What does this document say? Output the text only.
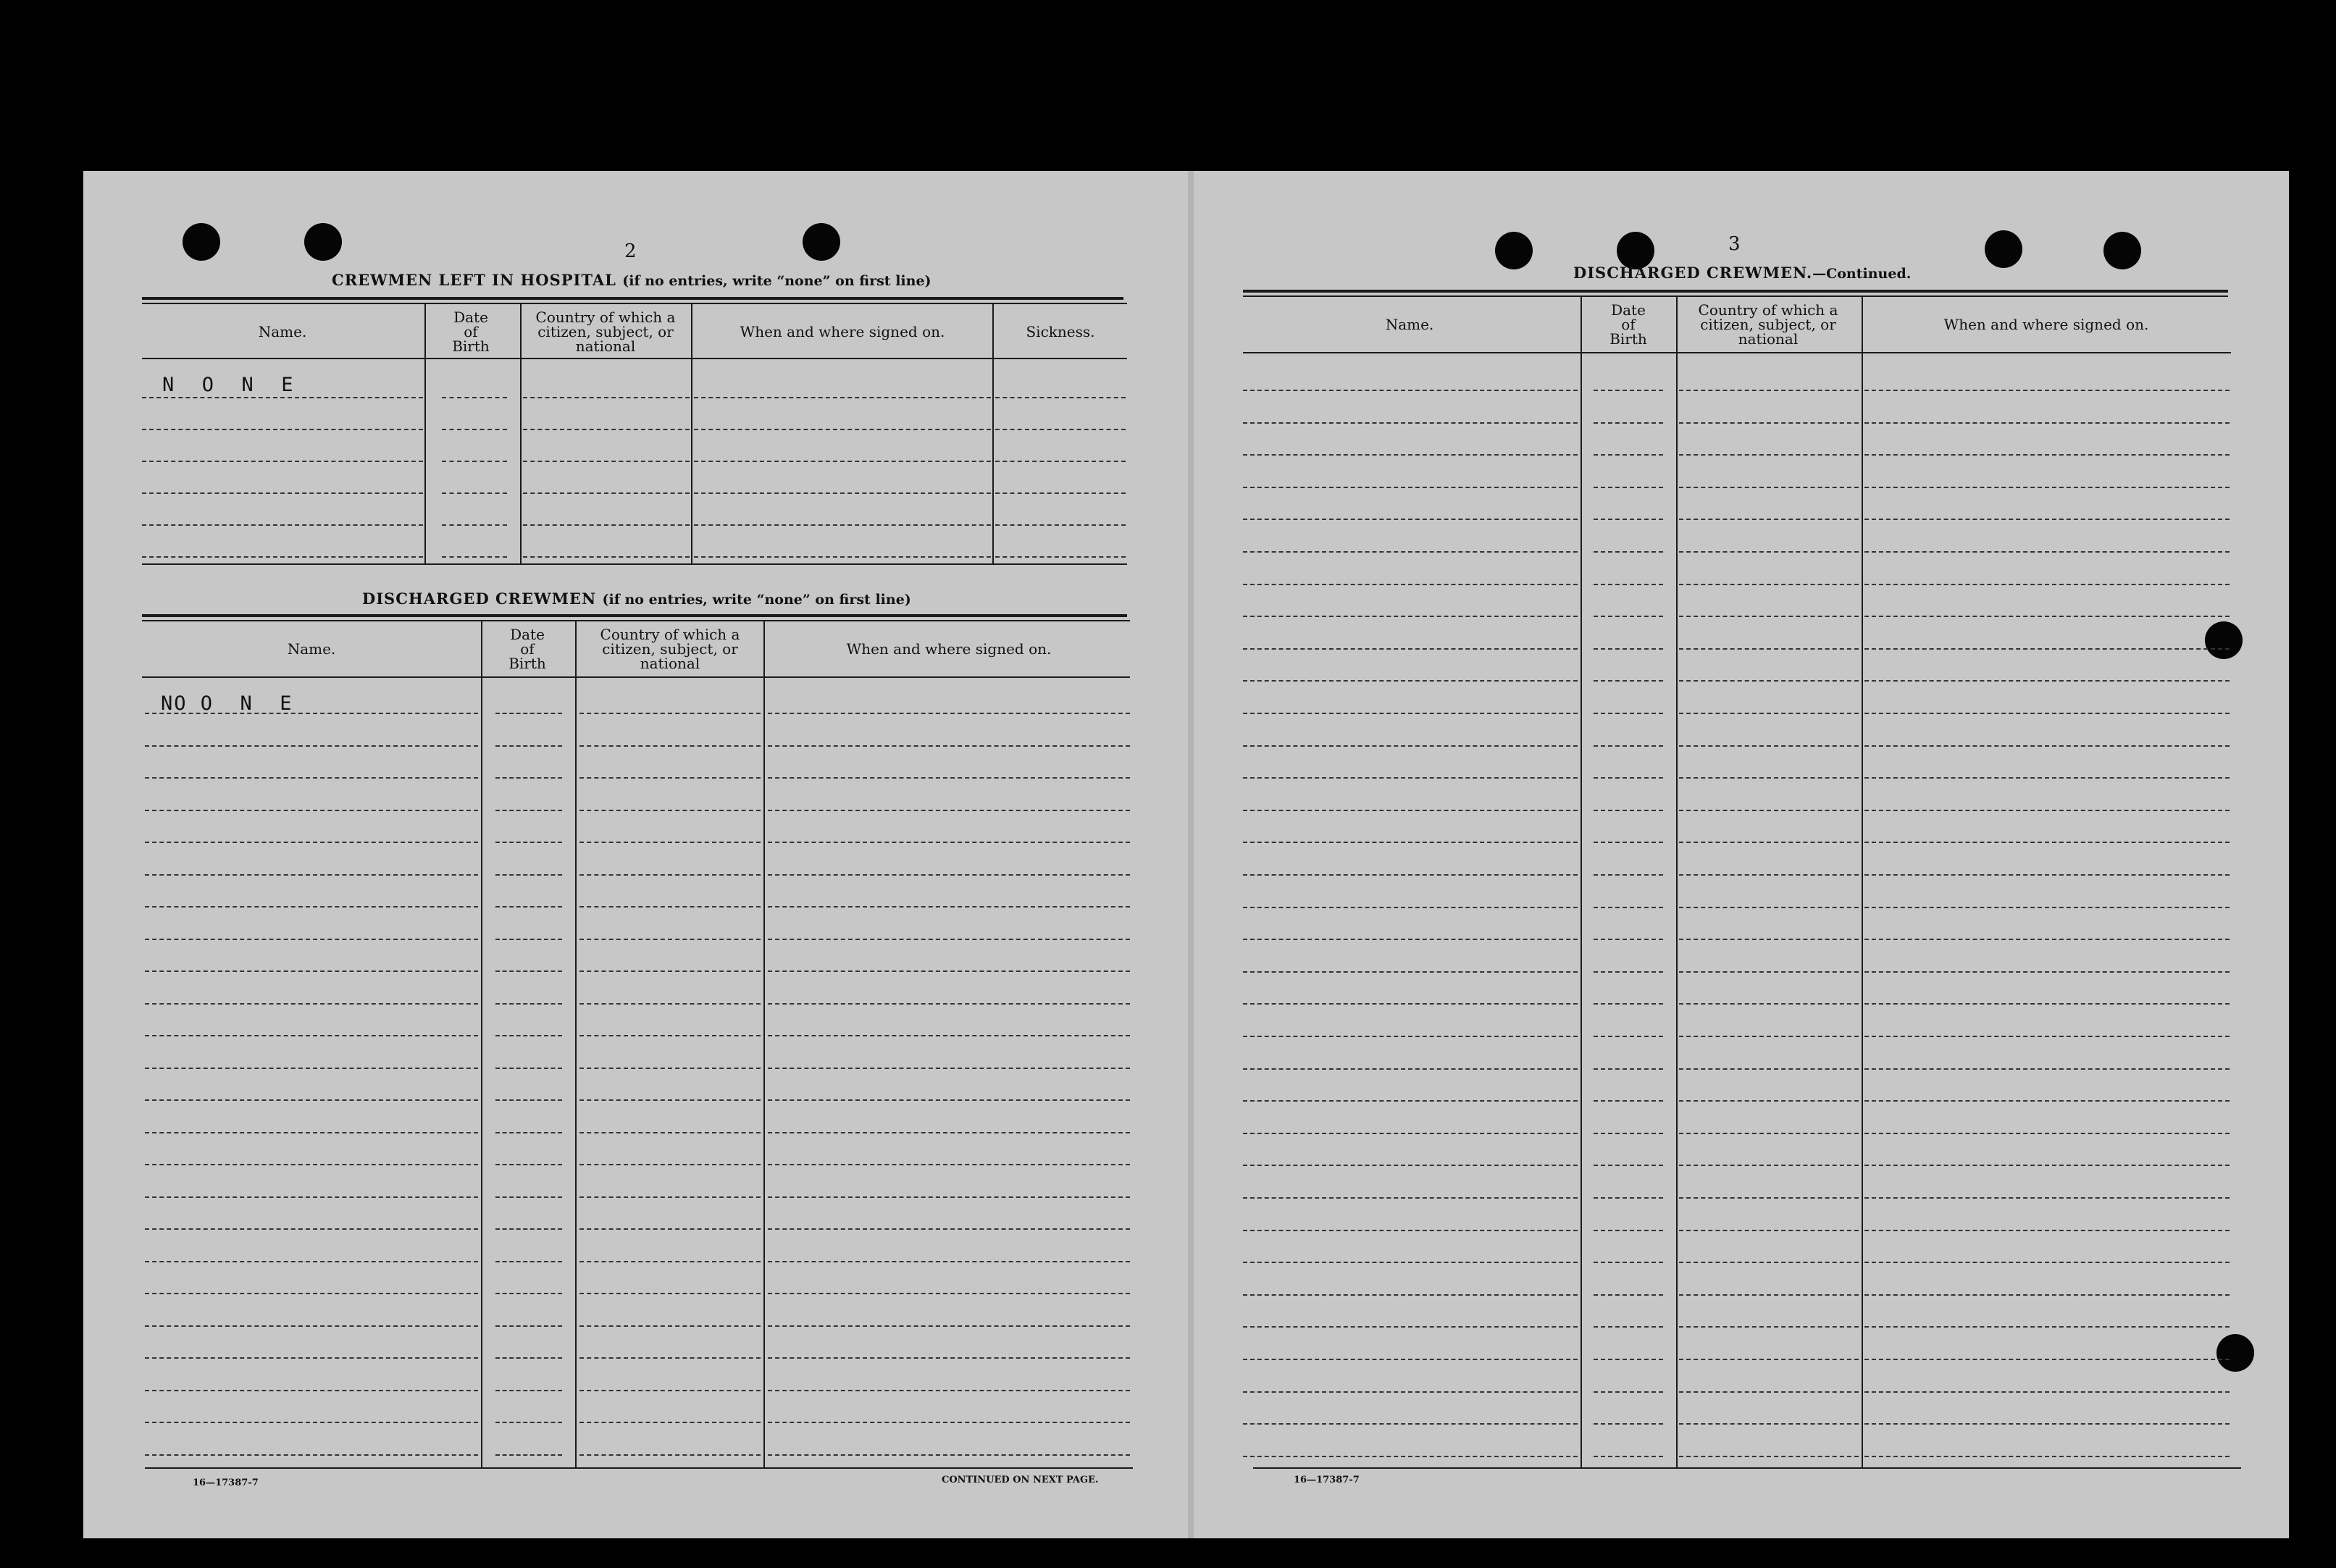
2
CREWMEN LEFT IN HOSPITAL (if no entries, write “none” on first line)
Name.
Date
of
Birth
Country of which a
citizen, subject, or
national
When and where signed on.	Sickness.
N  O  N  E
DISCHARGED CREWMEN (if no entries, write “none” on first line)
Name.
Date
of
Birth
Country of which a
citizen, subject, or
national
When and where signed on.
NO O  N  E
16—17387-7	CONTINUED ON NEXT PAGE.
3
DISCHARGED CREWMEN.—Continued.
Name.
Date
of
Birth
Country of which a
citizen, subject, or
national
When and where signed on.
16—17387-7
